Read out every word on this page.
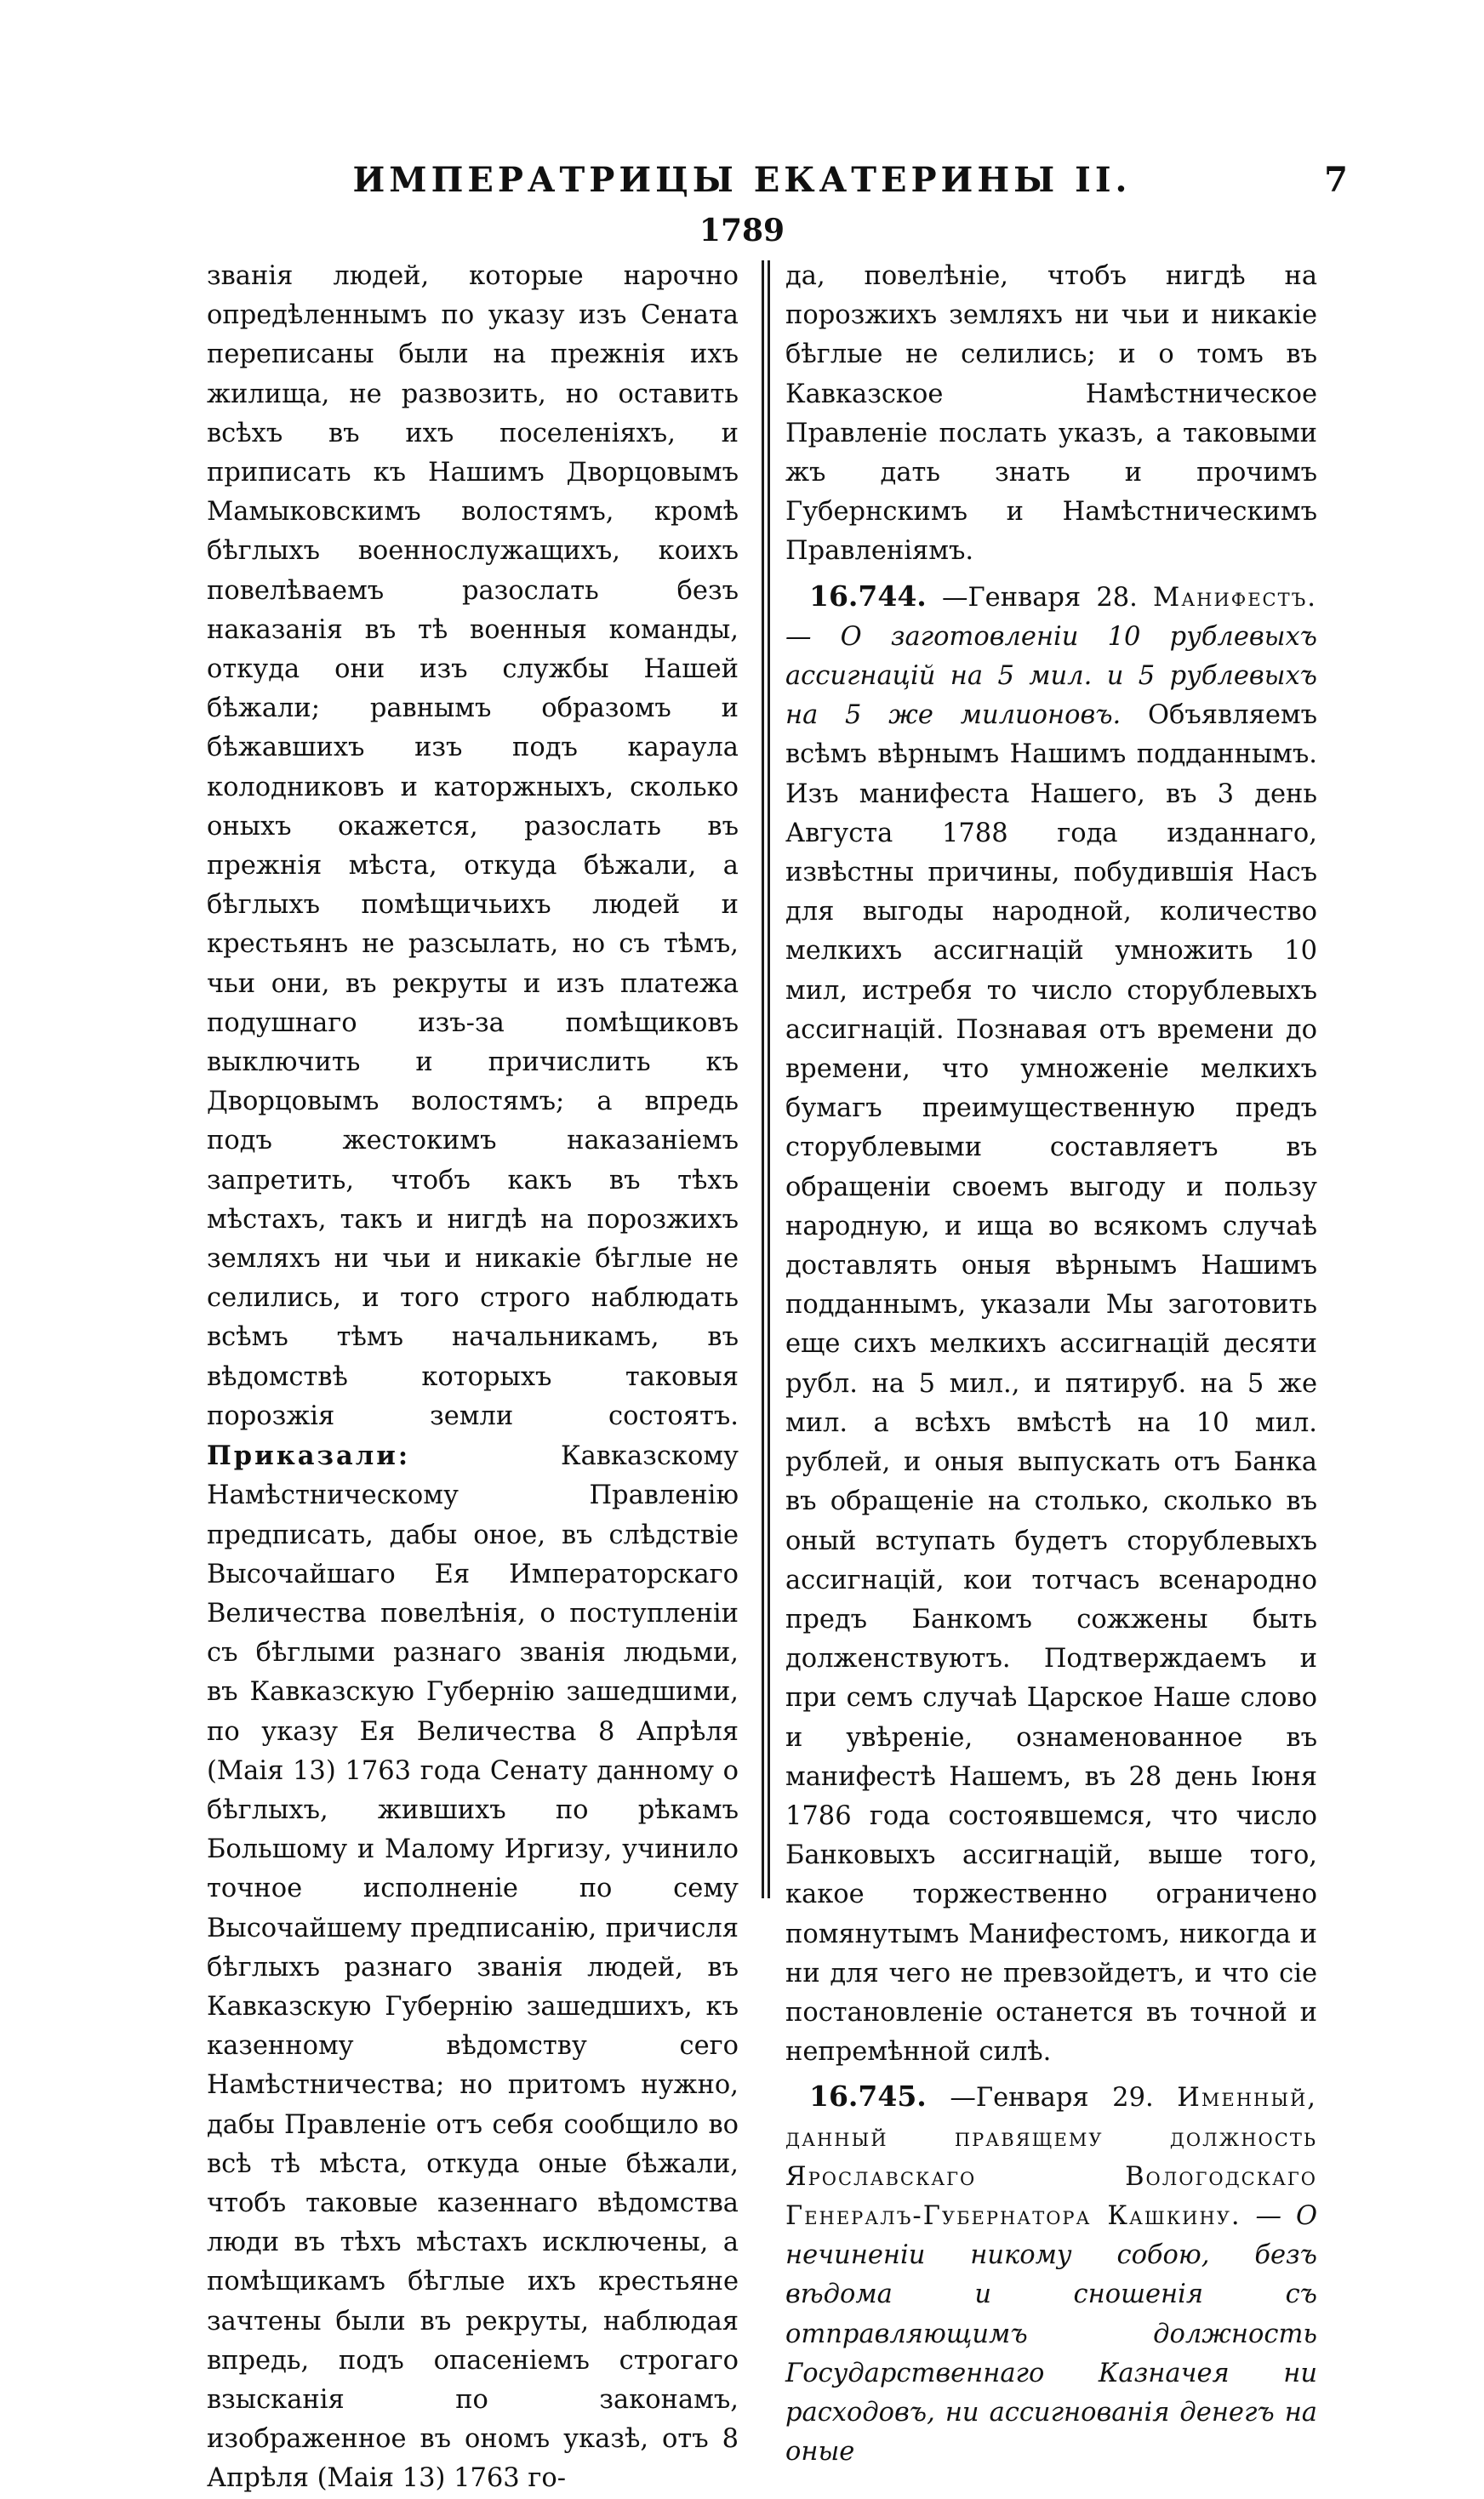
ИМПЕРАТРИЦЫ ЕКАТЕРИНЫ II.	7
1789

званія людей, которые нарочно опредѣленнымъ по указу изъ Сената переписаны были на прежнія ихъ жилища, не развозить, но оставить всѣхъ въ ихъ поселеніяхъ, и приписать къ Нашимъ Дворцовымъ Мамыковскимъ волостямъ, кромѣ бѣглыхъ военнослужащихъ, коихъ повелѣваемъ разослать безъ наказанія въ тѣ военныя команды, откуда они изъ службы Нашей бѣжали; равнымъ образомъ и бѣжавшихъ изъ подъ караула колодниковъ и каторжныхъ, сколько оныхъ окажется, разослать въ прежнія мѣста, откуда бѣжали, а бѣглыхъ помѣщичьихъ людей и крестьянъ не разсылать, но съ тѣмъ, чьи они, въ рекруты и изъ платежа подушнаго изъ-за помѣщиковъ выключить и причислить къ Дворцовымъ волостямъ; а впредь подъ жестокимъ наказаніемъ запретить, чтобъ какъ въ тѣхъ мѣстахъ, такъ и нигдѣ на порозжихъ земляхъ ни чьи и никакіе бѣглые не селились, и того строго наблюдать всѣмъ тѣмъ начальникамъ, въ вѣдомствѣ которыхъ таковыя порозжія земли состоятъ. Приказали:	Кавказскому Намѣстническому Правленію предписать, дабы оное, въ слѣдствіе Высочайшаго Ея Императорскаго Величества повелѣнія, о поступленіи съ бѣглыми разнаго званія людьми, въ Кавказскую Губернію зашедшими, по указу Ея Величества 8 Апрѣля (Маія 13) 1763 года Сенату данному о бѣглыхъ, жившихъ по рѣкамъ Большому и Малому Иргизу, учинило точное исполненіе по сему Высочайшему предписанію, причисля бѣглыхъ разнаго званія людей, въ Кавказскую Губернію зашедшихъ, къ казенному вѣдомству сего Намѣстничества; но притомъ нужно, дабы Правленіе отъ себя сообщило во всѣ тѣ мѣста, откуда оные бѣжали, чтобъ таковые казеннаго вѣдомства люди въ тѣхъ мѣстахъ исключены, а помѣщикамъ бѣглые ихъ крестьяне зачтены были въ рекруты, наблюдая впредь, подъ опасеніемъ строгаго взысканія по законамъ, изображенное въ ономъ указѣ, отъ 8 Апрѣля (Маія 13) 1763 го-

да, повелѣніе, чтобъ нигдѣ на порозжихъ земляхъ ни чьи и никакіе бѣглые не селились; и о томъ въ Кавказское Намѣстническое Правленіе послать указъ, а таковыми жъ дать знать и прочимъ Губернскимъ и Намѣстническимъ Правленіямъ.

16.744. —Генваря 28. Манифестъ. — О заготовленіи 10 рублевыхъ ассигнацій на 5 мил. и 5 рублевыхъ на 5 же милионовъ. Объявляемъ всѣмъ вѣрнымъ Нашимъ подданнымъ. Изъ манифеста Нашего, въ 3 день Августа 1788 года изданнаго, извѣстны причины, побудившія Насъ для выгоды народной, количество мелкихъ ассигнацій умножить 10 мил, истребя то число сторублевыхъ ассигнацій. Познавая отъ времени до времени, что умноженіе мелкихъ бумагъ преимущественную предъ сторублевыми составляетъ въ обращеніи своемъ выгоду и пользу народную, и ища во всякомъ случаѣ доставлять оныя вѣрнымъ Нашимъ подданнымъ, указали Мы заготовить еще сихъ мелкихъ ассигнацій десяти рубл. на 5 мил., и пятируб. на 5 же мил. а всѣхъ вмѣстѣ на 10 мил. рублей, и оныя выпускать отъ Банка въ обращеніе на столько, сколько въ оный вступать будетъ сторублевыхъ ассигнацій, кои тотчасъ всенародно предъ Банкомъ сожжены быть долженствуютъ. Подтверждаемъ и при семъ случаѣ Царское Наше слово и увѣреніе, ознаменованное въ манифестѣ Нашемъ, въ 28 день Іюня 1786 года состоявшемся, что число Банковыхъ ассигнацій, выше того, какое торжественно ограничено помянутымъ Манифестомъ, никогда и ни для чего не превзойдетъ, и что сіе постановленіе останется въ точной и непремѣнной силѣ.

16.745. —Генваря 29. Именный, данный правящему должность Ярославскаго Вологодскаго Генералъ-Губернатора Кашкину. — О нечиненіи никому собою, безъ вѣдома и сношенія съ отправляющимъ должность Государственнаго Казначея ни расходовъ, ни ассигнованія денегъ на оные
